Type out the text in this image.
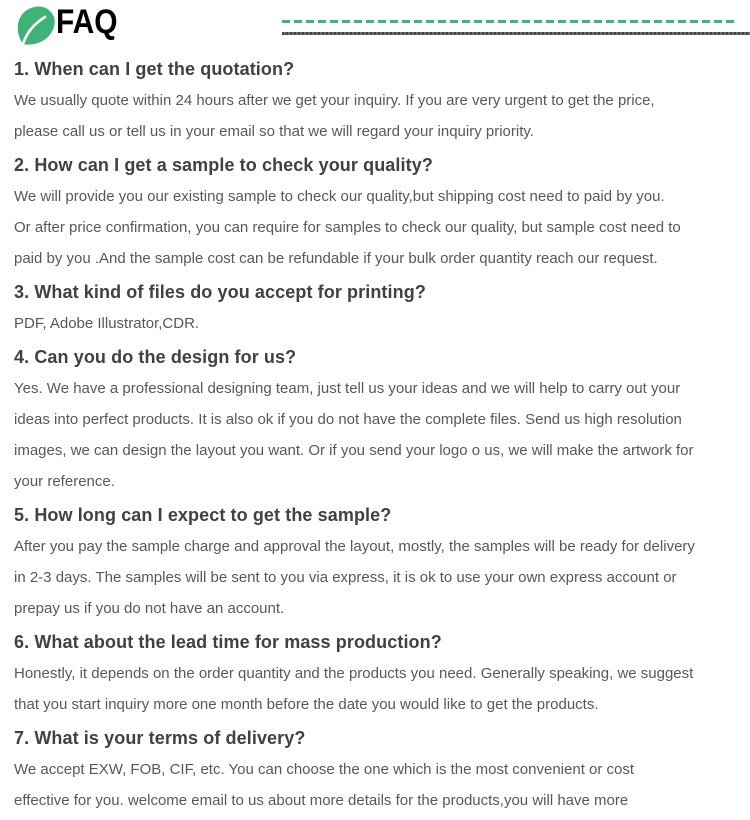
FAQ
1. When can I get the quotation?
We usually quote within 24 hours after we get your inquiry. If you are very urgent to get the price,
please call us or tell us in your email so that we will regard your inquiry priority.
2. How can I get a sample to check your quality?
We will provide you our existing sample to check our quality,but shipping cost need to paid by you.
Or after price confirmation, you can require for samples to check our quality, but sample cost need to
paid by you .And the sample cost can be refundable if your bulk order quantity reach our request.
3. What kind of files do you accept for printing?
PDF, Adobe Illustrator,CDR.
4. Can you do the design for us?
Yes. We have a professional designing team, just tell us your ideas and we will help to carry out your
ideas into perfect products. It is also ok if you do not have the complete files. Send us high resolution
images, we can design the layout you want. Or if you send your logo o us, we will make the artwork for
your reference.
5. How long can I expect to get the sample?
After you pay the sample charge and approval the layout, mostly, the samples will be ready for delivery
in 2-3 days. The samples will be sent to you via express, it is ok to use your own express account or
prepay us if you do not have an account.
6. What about the lead time for mass production?
Honestly, it depends on the order quantity and the products you need. Generally speaking, we suggest
that you start inquiry more one month before the date you would like to get the products.
7. What is your terms of delivery?
We accept EXW, FOB, CIF, etc. You can choose the one which is the most convenient or cost
effective for you. welcome email to us about more details for the products,you will have more
